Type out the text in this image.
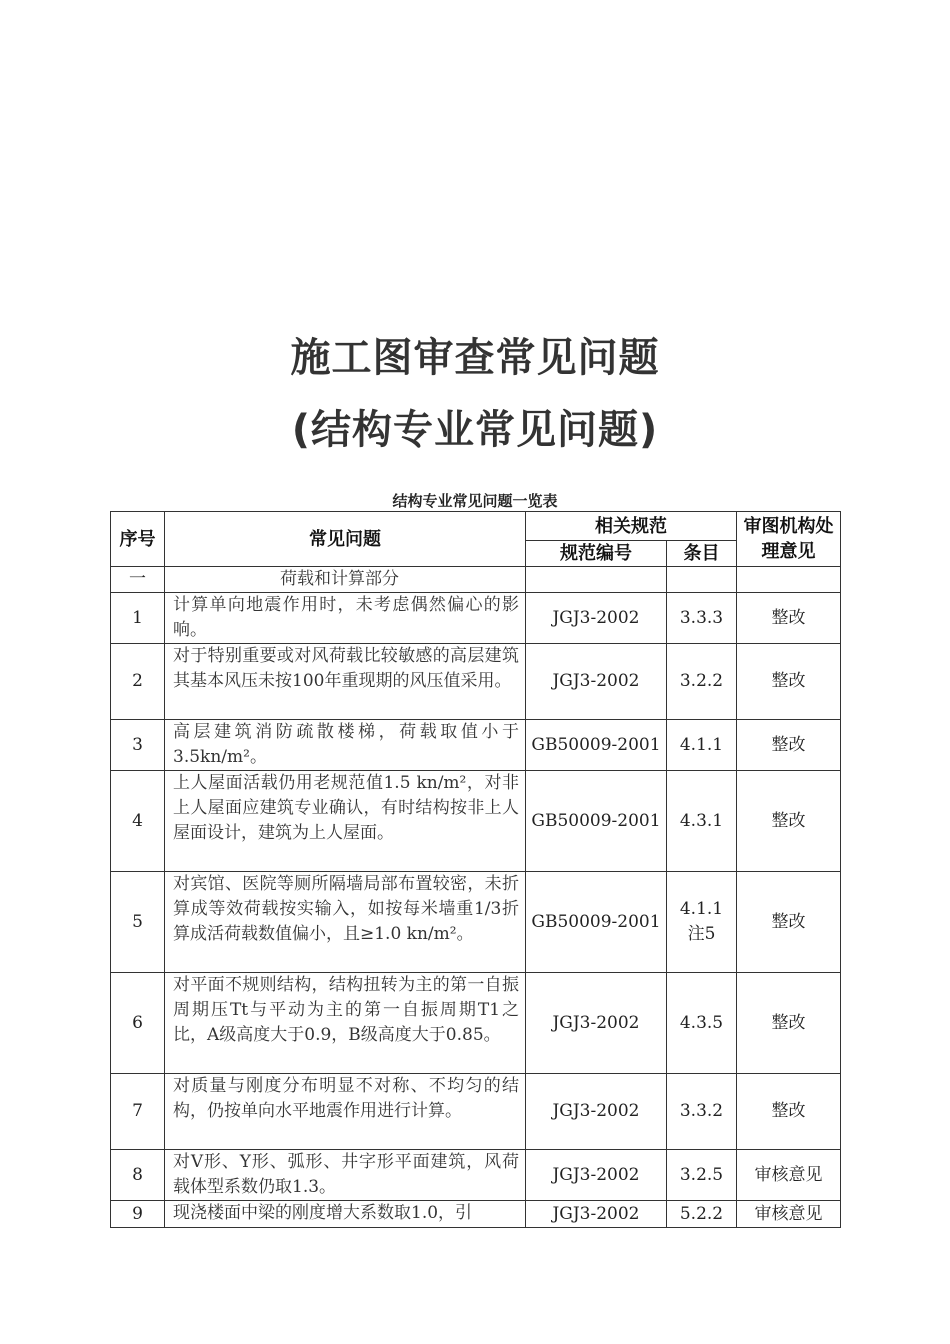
施工图审查常见问题
(结构专业常见问题)
结构专业常见问题一览表
序号	常见问题	相关规范		审图机构处理意见
		规范编号	条目	
一	荷载和计算部分			
1	计算单向地震作用时，未考虑偶然偏心的影响。	JGJ3-2002	3.3.3	整改
2	对于特别重要或对风荷载比较敏感的高层建筑其基本风压未按100年重现期的风压值采用。	JGJ3-2002	3.2.2	整改
3	高层建筑消防疏散楼梯，荷载取值小于3.5kn/m²。	GB50009-2001	4.1.1	整改
4	上人屋面活载仍用老规范值1.5 kn/m²，对非上人屋面应建筑专业确认，有时结构按非上人屋面设计，建筑为上人屋面。	GB50009-2001	4.3.1	整改
5	对宾馆、医院等厕所隔墙局部布置较密，未折算成等效荷载按实输入，如按每米墙重1/3折算成活荷载数值偏小，且≥1.0 kn/m²。	GB50009-2001	4.1.1 注5	整改
6	对平面不规则结构，结构扭转为主的第一自振周期压Tt与平动为主的第一自振周期T1之比，A级高度大于0.9，B级高度大于0.85。	JGJ3-2002	4.3.5	整改
7	对质量与刚度分布明显不对称、不均匀的结构，仍按单向水平地震作用进行计算。	JGJ3-2002	3.3.2	整改
8	对V形、Y形、弧形、井字形平面建筑，风荷载体型系数仍取1.3。	JGJ3-2002	3.2.5	审核意见
9	现浇楼面中梁的刚度增大系数取1.0，引	JGJ3-2002	5.2.2	审核意见
